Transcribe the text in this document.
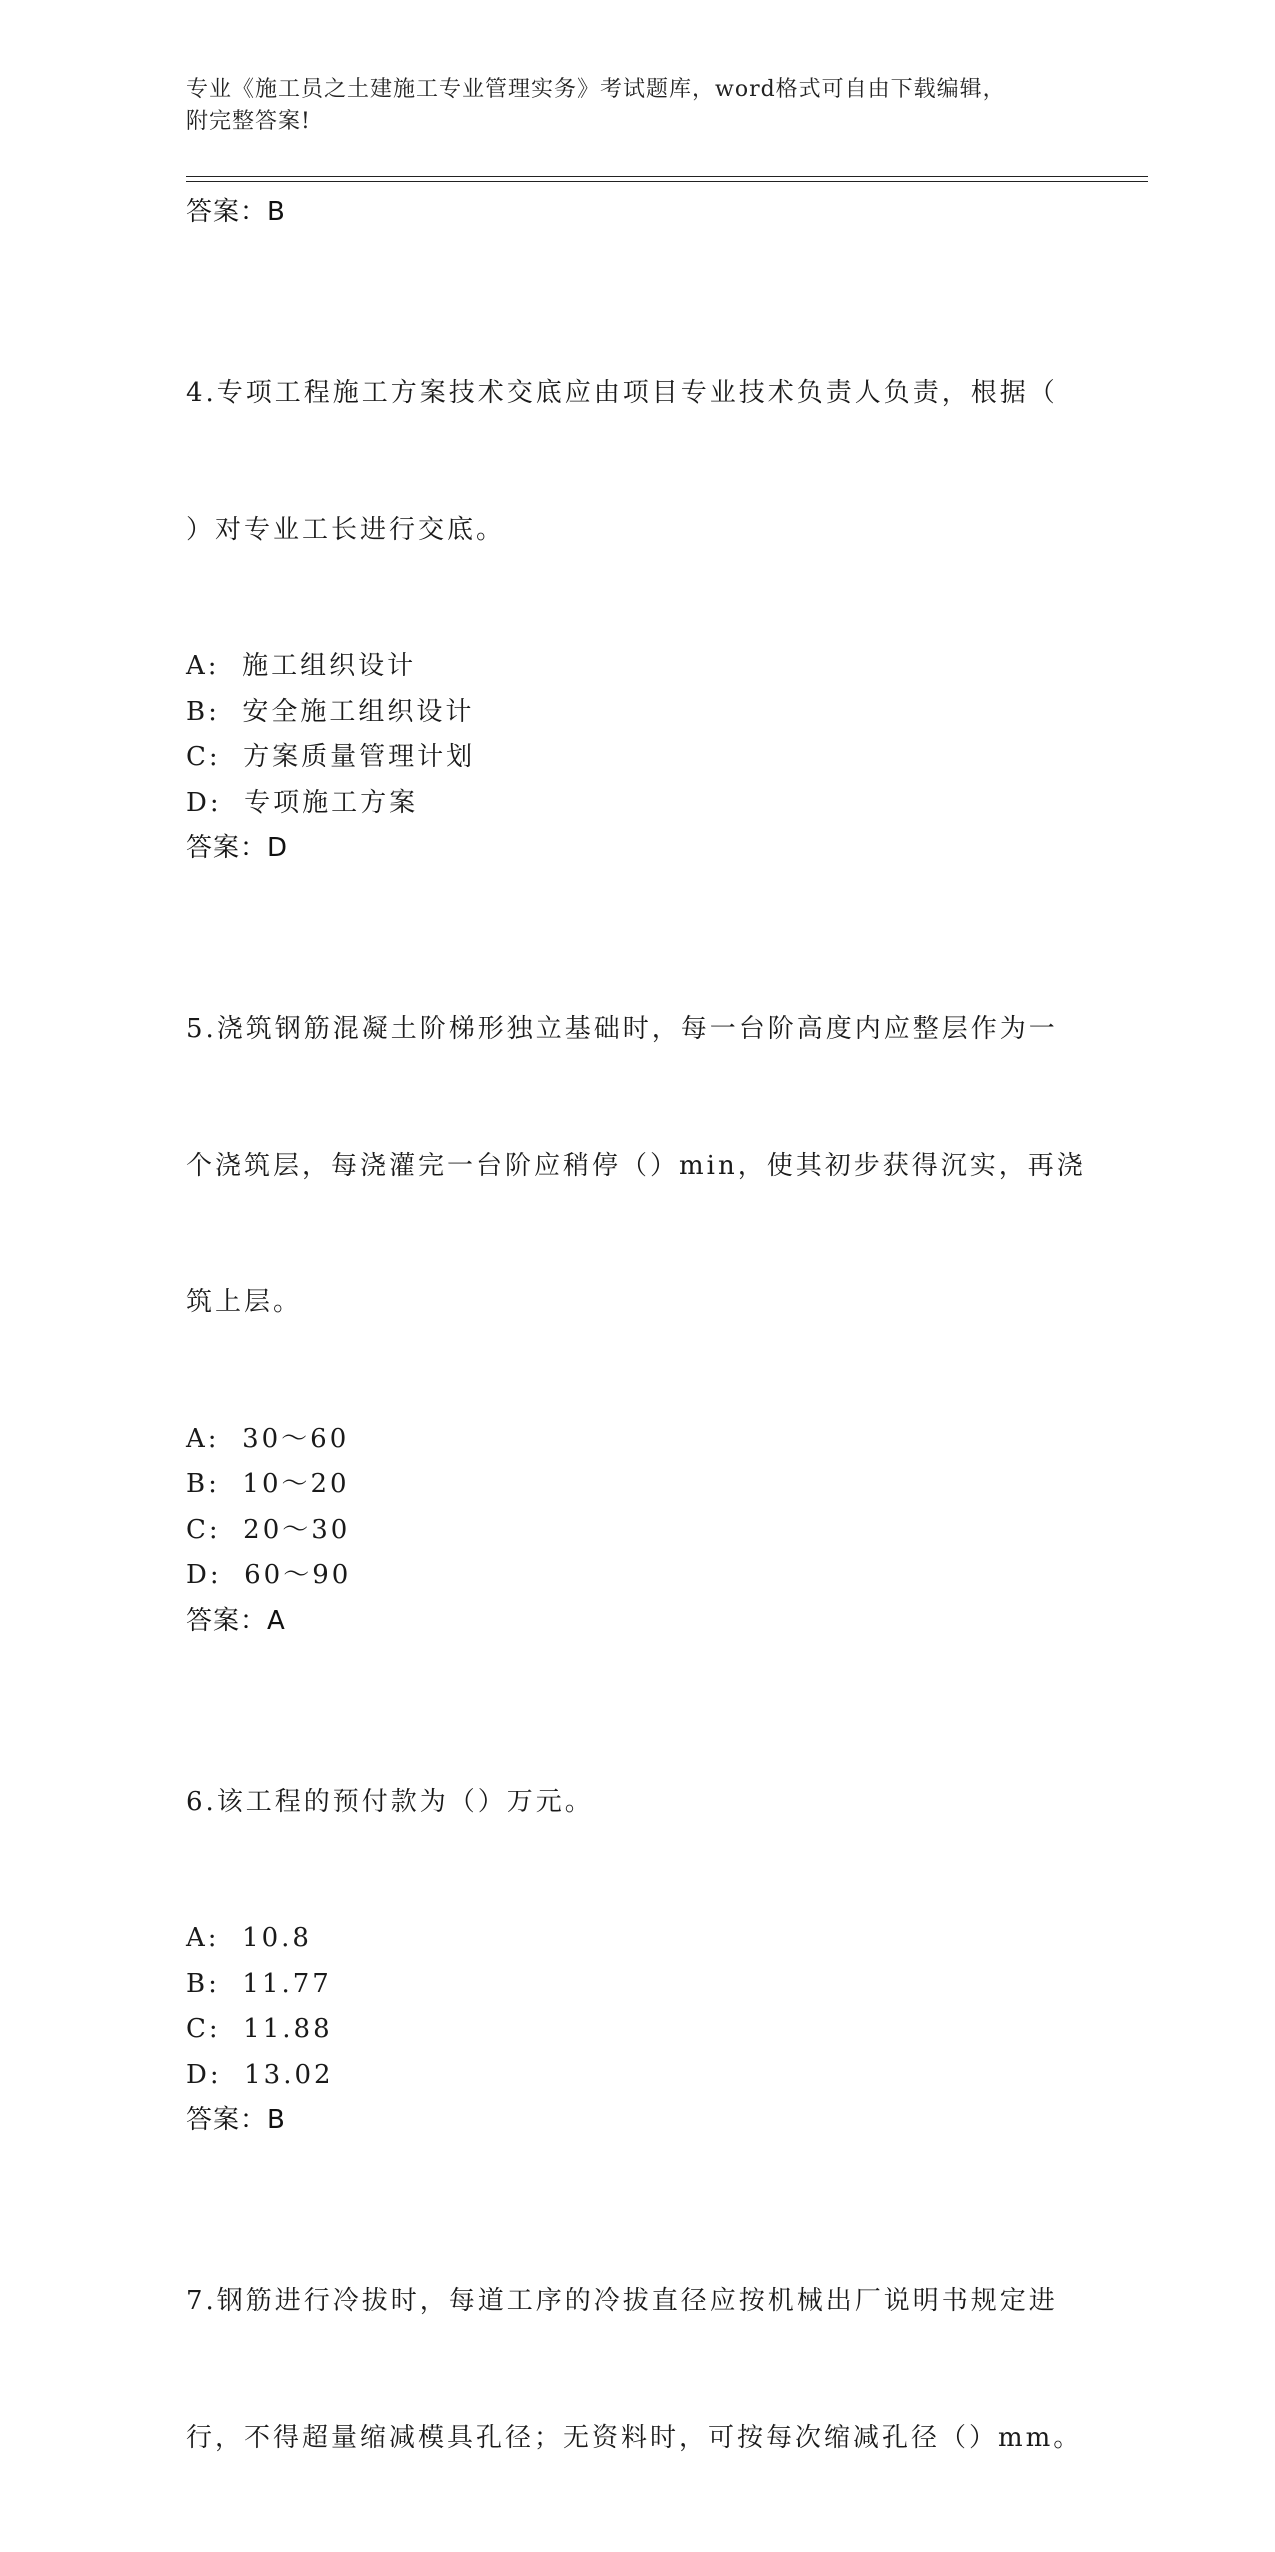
专业《施工员之土建施工专业管理实务》考试题库，word格式可自由下载编辑，
附完整答案!
答案：B

4.专项工程施工方案技术交底应由项目专业技术负责人负责，根据（

）对专业工长进行交底。

A:  施工组织设计
B:  安全施工组织设计
C:  方案质量管理计划
D:  专项施工方案
答案：D

5.浇筑钢筋混凝土阶梯形独立基础时，每一台阶高度内应整层作为一

个浇筑层，每浇灌完一台阶应稍停（）min，使其初步获得沉实，再浇

筑上层。

A:  30～60
B:  10～20
C:  20～30
D:  60～90
答案：A

6.该工程的预付款为（）万元。

A:  10.8
B:  11.77
C:  11.88
D:  13.02
答案：B

7.钢筋进行冷拔时，每道工序的冷拔直径应按机械出厂说明书规定进

行，不得超量缩减模具孔径；无资料时，可按每次缩减孔径（）mm。
